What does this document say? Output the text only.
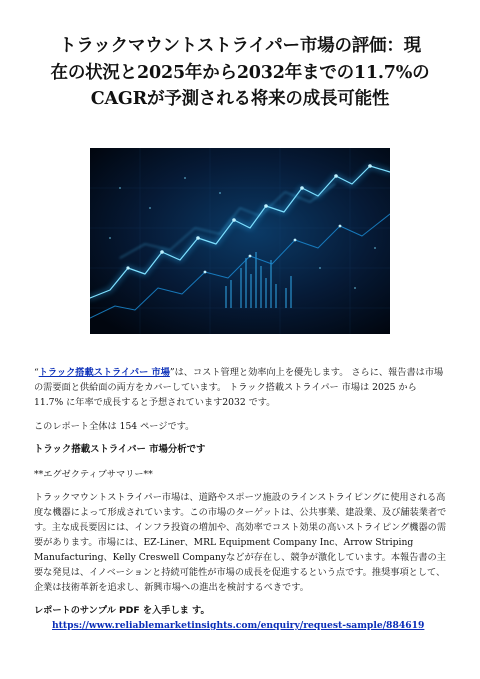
トラックマウントストライパー市場の評価：現
在の状況と2025年から2032年までの11.7%の
CAGRが予測される将来の成長可能性

“トラック搭載ストライパー 市場”は、コスト管理と効率向上を優先します。 さらに、報告書は市場の需要面と供給面の両方をカバーしています。 トラック搭載ストライパー 市場は 2025 から 11.7% に年率で成長すると予想されています2032 です。

このレポート全体は 154 ページです。

トラック搭載ストライパー 市場分析です

**エグゼクティブサマリー**

トラックマウントストライパー市場は、道路やスポーツ施設のラインストライピングに使用される高度な機器によって形成されています。この市場のターゲットは、公共事業、建設業、及び舗装業者です。主な成長要因には、インフラ投資の増加や、高効率でコスト効果の高いストライピング機器の需要があります。市場には、EZ-Liner、MRL Equipment Company Inc、Arrow Striping Manufacturing、Kelly Creswell Companyなどが存在し、競争が激化しています。本報告書の主要な発見は、イノベーションと持続可能性が市場の成長を促進するという点です。推奨事項として、企業は技術革新を追求し、新興市場への進出を検討するべきです。

レポートのサンプル PDF を入手しま す。
https://www.reliablemarketinsights.com/enquiry/request-sample/884619
